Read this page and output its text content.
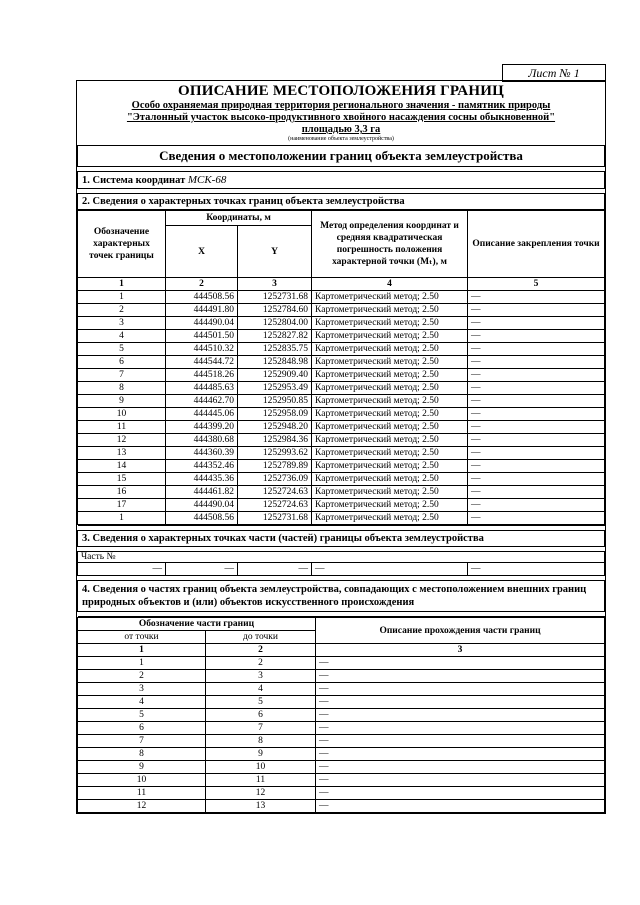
Лист № 1
ОПИСАНИЕ МЕСТОПОЛОЖЕНИЯ ГРАНИЦ
Особо охраняемая природная территория регионального значения - памятник природы
"Эталонный участок высоко-продуктивного хвойного насаждения сосны обыкновенной"
площадью 3,3 га
(наименование объекта землеустройства)
Сведения о местоположении границ объекта землеустройства

1. Система координат МСК-68

2. Сведения о характерных точках границ объекта землеустройства
Обозначение характерных точек границы	Координаты, м		Метод определения координат и средняя квадратическая погрешность положения характерной точки (Mₜ), м	Описание закрепления точки
	X	Y		
1	2	3	4	5
1	444508.56	1252731.68	Картометрический метод; 2.50	—
2	444491.80	1252784.60	Картометрический метод; 2.50	—
3	444490.04	1252804.00	Картометрический метод; 2.50	—
4	444501.50	1252827.82	Картометрический метод; 2.50	—
5	444510.32	1252835.75	Картометрический метод; 2.50	—
6	444544.72	1252848.98	Картометрический метод; 2.50	—
7	444518.26	1252909.40	Картометрический метод; 2.50	—
8	444485.63	1252953.49	Картометрический метод; 2.50	—
9	444462.70	1252950.85	Картометрический метод; 2.50	—
10	444445.06	1252958.09	Картометрический метод; 2.50	—
11	444399.20	1252948.20	Картометрический метод; 2.50	—
12	444380.68	1252984.36	Картометрический метод; 2.50	—
13	444360.39	1252993.62	Картометрический метод; 2.50	—
14	444352.46	1252789.89	Картометрический метод; 2.50	—
15	444435.36	1252736.09	Картометрический метод; 2.50	—
16	444461.82	1252724.63	Картометрический метод; 2.50	—
17	444490.04	1252724.63	Картометрический метод; 2.50	—
1	444508.56	1252731.68	Картометрический метод; 2.50	—

3. Сведения о характерных точках части (частей) границы объекта землеустройства

Часть №
—	—	—	—	—

4. Сведения о частях границ объекта землеустройства, совпадающих с местоположением внешних границ природных объектов и (или) объектов искусственного происхождения

Обозначение части границ		Описание прохождения части границ
от точки	до точки	
1	2	3
1	2	—
2	3	—
3	4	—
4	5	—
5	6	—
6	7	—
7	8	—
8	9	—
9	10	—
10	11	—
11	12	—
12	13	—
